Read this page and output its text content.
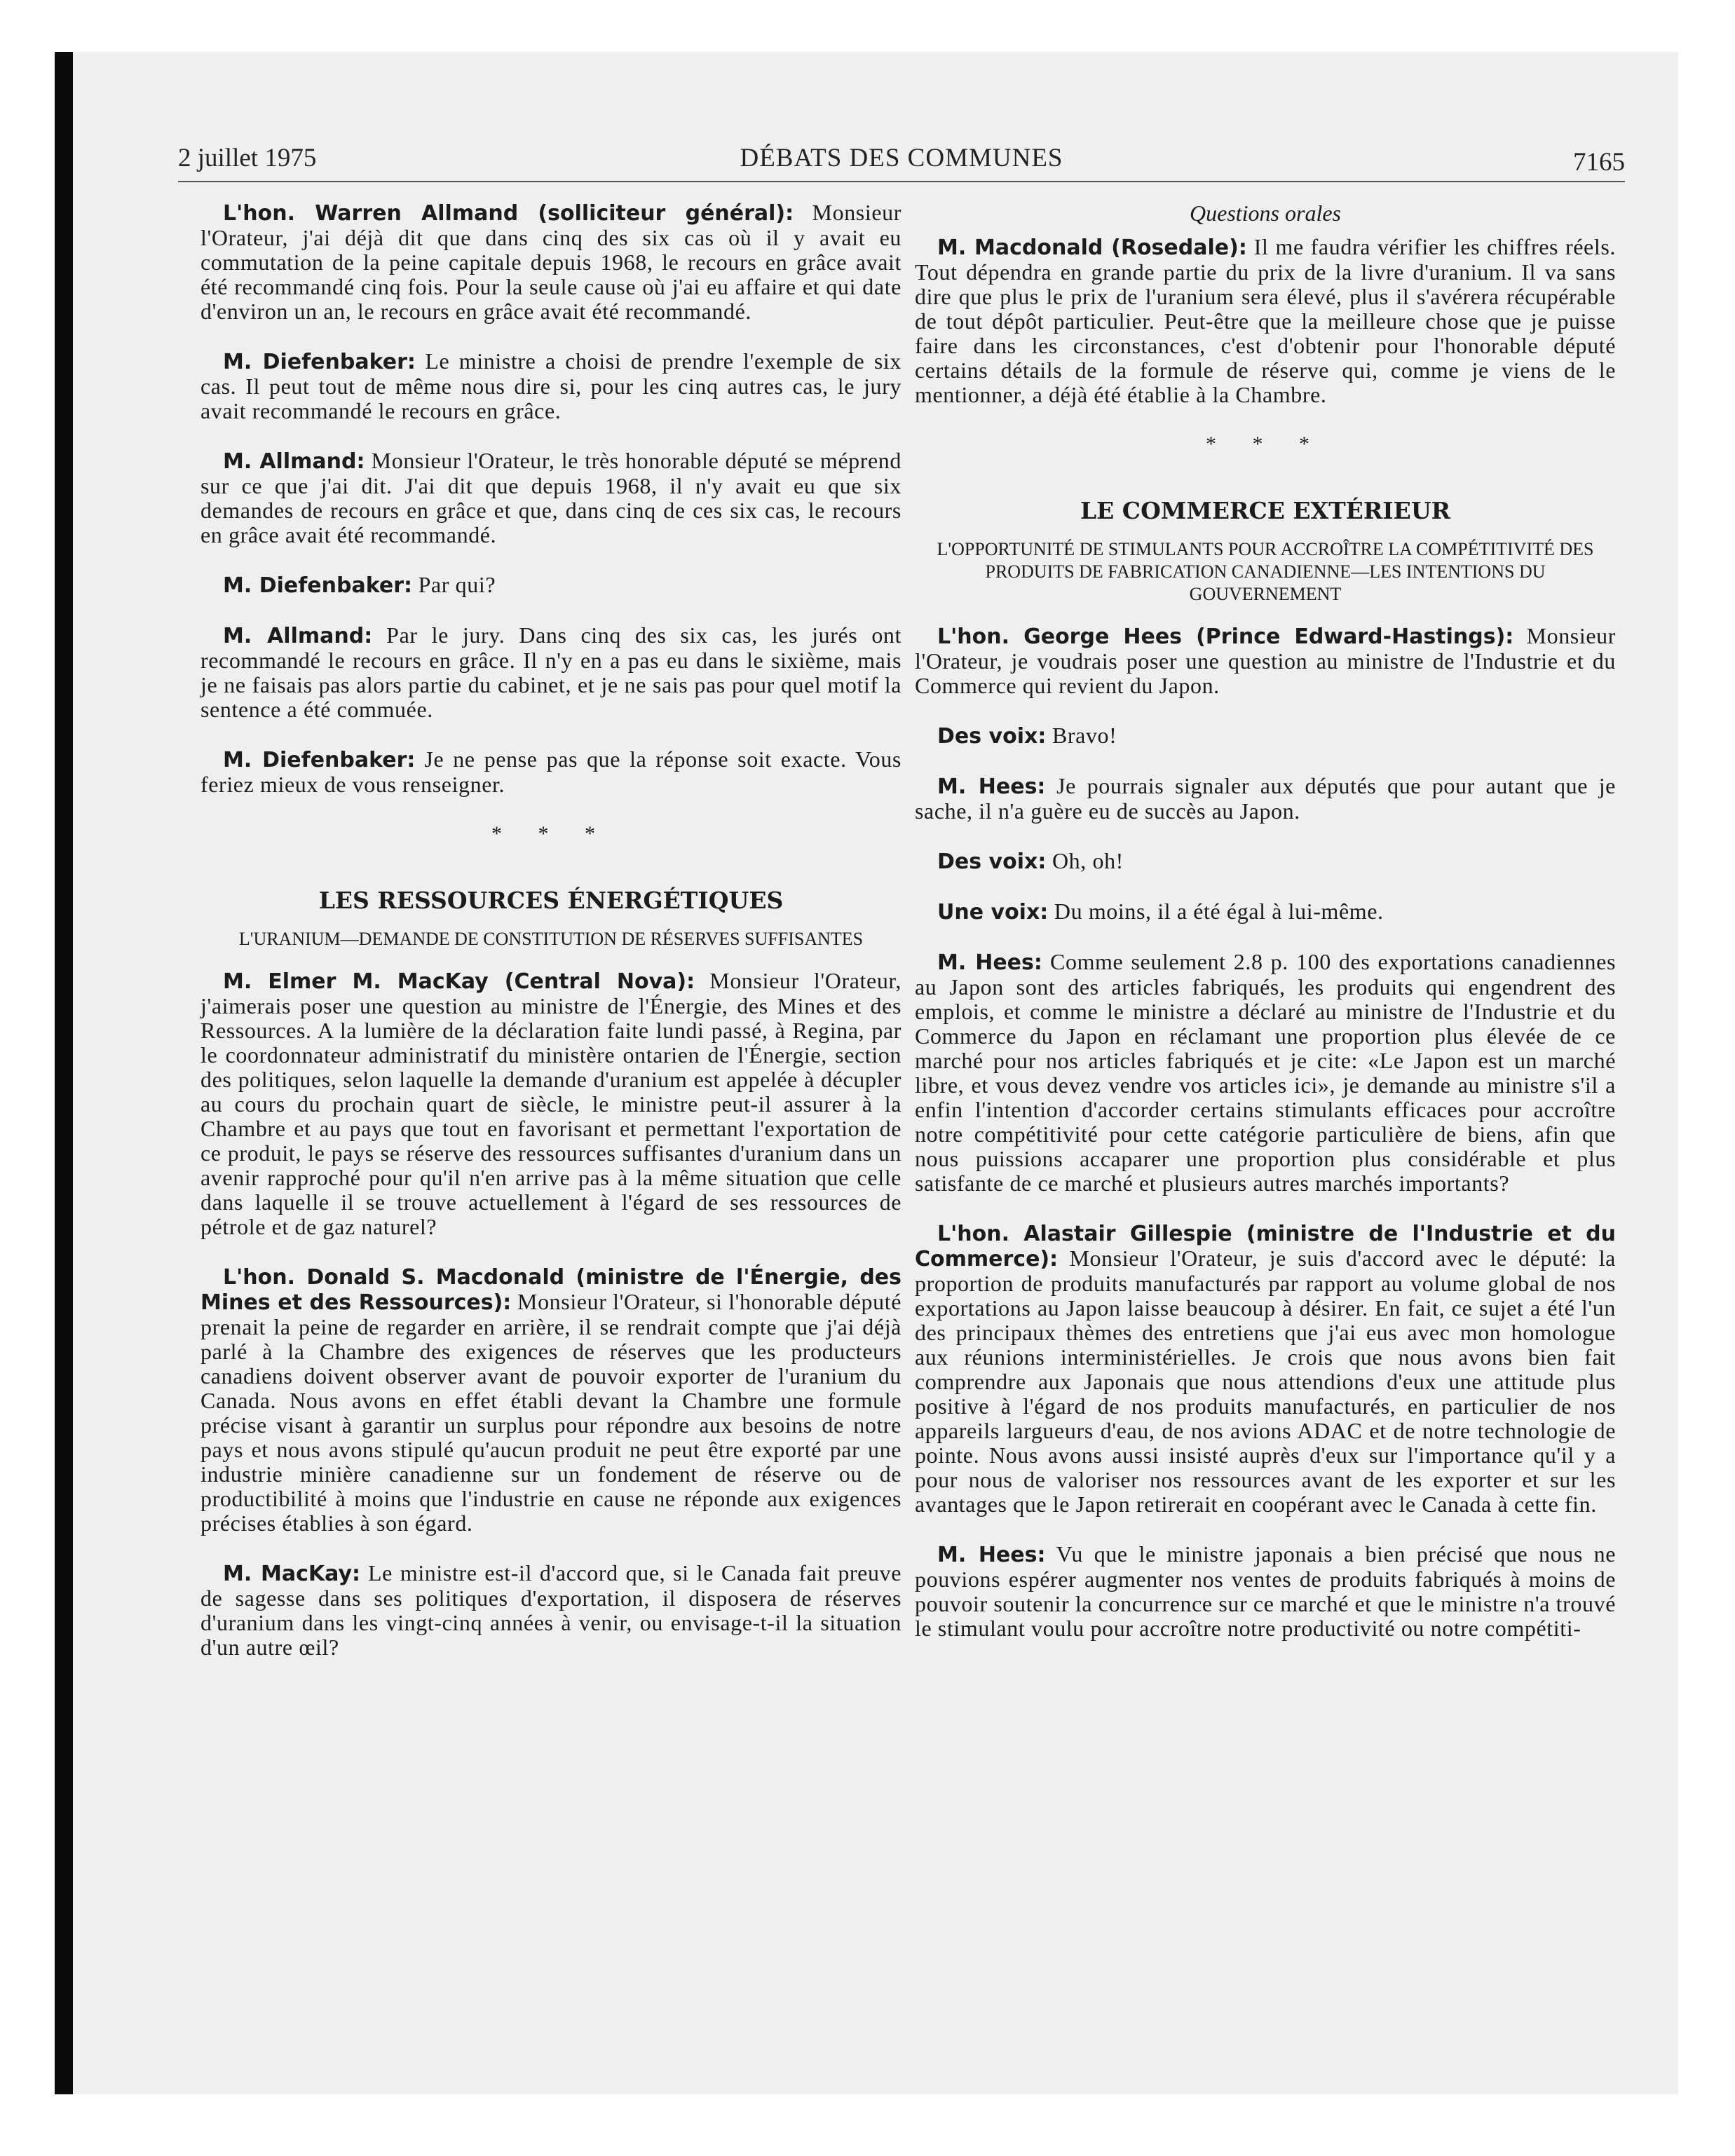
2 juillet 1975	DÉBATS DES COMMUNES	7165

L'hon. Warren Allmand (solliciteur général): Monsieur l'Orateur, j'ai déjà dit que dans cinq des six cas où il y avait eu commutation de la peine capitale depuis 1968, le recours en grâce avait été recommandé cinq fois. Pour la seule cause où j'ai eu affaire et qui date d'environ un an, le recours en grâce avait été recommandé.

M. Diefenbaker: Le ministre a choisi de prendre l'exemple de six cas. Il peut tout de même nous dire si, pour les cinq autres cas, le jury avait recommandé le recours en grâce.

M. Allmand: Monsieur l'Orateur, le très honorable député se méprend sur ce que j'ai dit. J'ai dit que depuis 1968, il n'y avait eu que six demandes de recours en grâce et que, dans cinq de ces six cas, le recours en grâce avait été recommandé.

M. Diefenbaker: Par qui?

M. Allmand: Par le jury. Dans cinq des six cas, les jurés ont recommandé le recours en grâce. Il n'y en a pas eu dans le sixième, mais je ne faisais pas alors partie du cabinet, et je ne sais pas pour quel motif la sentence a été commuée.

M. Diefenbaker: Je ne pense pas que la réponse soit exacte. Vous feriez mieux de vous renseigner.

* * *
LES RESSOURCES ÉNERGÉTIQUES
L'URANIUM—DEMANDE DE CONSTITUTION DE RÉSERVES SUFFISANTES

M. Elmer M. MacKay (Central Nova): Monsieur l'Orateur, j'aimerais poser une question au ministre de l'Énergie, des Mines et des Ressources. A la lumière de la déclaration faite lundi passé, à Regina, par le coordonnateur administratif du ministère ontarien de l'Énergie, section des politiques, selon laquelle la demande d'uranium est appelée à décupler au cours du prochain quart de siècle, le ministre peut-il assurer à la Chambre et au pays que tout en favorisant et permettant l'exportation de ce produit, le pays se réserve des ressources suffisantes d'uranium dans un avenir rapproché pour qu'il n'en arrive pas à la même situation que celle dans laquelle il se trouve actuellement à l'égard de ses ressources de pétrole et de gaz naturel?

L'hon. Donald S. Macdonald (ministre de l'Énergie, des Mines et des Ressources): Monsieur l'Orateur, si l'honorable député prenait la peine de regarder en arrière, il se rendrait compte que j'ai déjà parlé à la Chambre des exigences de réserves que les producteurs canadiens doivent observer avant de pouvoir exporter de l'uranium du Canada. Nous avons en effet établi devant la Chambre une formule précise visant à garantir un surplus pour répondre aux besoins de notre pays et nous avons stipulé qu'aucun produit ne peut être exporté par une industrie minière canadienne sur un fondement de réserve ou de productibilité à moins que l'industrie en cause ne réponde aux exigences précises établies à son égard.

M. MacKay: Le ministre est-il d'accord que, si le Canada fait preuve de sagesse dans ses politiques d'exportation, il disposera de réserves d'uranium dans les vingt-cinq années à venir, ou envisage-t-il la situation d'un autre œil?

Questions orales

M. Macdonald (Rosedale): Il me faudra vérifier les chiffres réels. Tout dépendra en grande partie du prix de la livre d'uranium. Il va sans dire que plus le prix de l'uranium sera élevé, plus il s'avérera récupérable de tout dépôt particulier. Peut-être que la meilleure chose que je puisse faire dans les circonstances, c'est d'obtenir pour l'honorable député certains détails de la formule de réserve qui, comme je viens de le mentionner, a déjà été établie à la Chambre.

* * *
LE COMMERCE EXTÉRIEUR
L'OPPORTUNITÉ DE STIMULANTS POUR ACCROÎTRE LA COMPÉTITIVITÉ DES PRODUITS DE FABRICATION CANADIENNE—LES INTENTIONS DU GOUVERNEMENT

L'hon. George Hees (Prince Edward-Hastings): Monsieur l'Orateur, je voudrais poser une question au ministre de l'Industrie et du Commerce qui revient du Japon.

Des voix: Bravo!

M. Hees: Je pourrais signaler aux députés que pour autant que je sache, il n'a guère eu de succès au Japon.

Des voix: Oh, oh!

Une voix: Du moins, il a été égal à lui-même.

M. Hees: Comme seulement 2.8 p. 100 des exportations canadiennes au Japon sont des articles fabriqués, les produits qui engendrent des emplois, et comme le ministre a déclaré au ministre de l'Industrie et du Commerce du Japon en réclamant une proportion plus élevée de ce marché pour nos articles fabriqués et je cite: «Le Japon est un marché libre, et vous devez vendre vos articles ici», je demande au ministre s'il a enfin l'intention d'accorder certains stimulants efficaces pour accroître notre compétitivité pour cette catégorie particulière de biens, afin que nous puissions accaparer une proportion plus considérable et plus satisfante de ce marché et plusieurs autres marchés importants?

L'hon. Alastair Gillespie (ministre de l'Industrie et du Commerce): Monsieur l'Orateur, je suis d'accord avec le député: la proportion de produits manufacturés par rapport au volume global de nos exportations au Japon laisse beaucoup à désirer. En fait, ce sujet a été l'un des principaux thèmes des entretiens que j'ai eus avec mon homologue aux réunions interministérielles. Je crois que nous avons bien fait comprendre aux Japonais que nous attendions d'eux une attitude plus positive à l'égard de nos produits manufacturés, en particulier de nos appareils largueurs d'eau, de nos avions ADAC et de notre technologie de pointe. Nous avons aussi insisté auprès d'eux sur l'importance qu'il y a pour nous de valoriser nos ressources avant de les exporter et sur les avantages que le Japon retirerait en coopérant avec le Canada à cette fin.

M. Hees: Vu que le ministre japonais a bien précisé que nous ne pouvions espérer augmenter nos ventes de produits fabriqués à moins de pouvoir soutenir la concurrence sur ce marché et que le ministre n'a trouvé le stimulant voulu pour accroître notre productivité ou notre compétiti-
